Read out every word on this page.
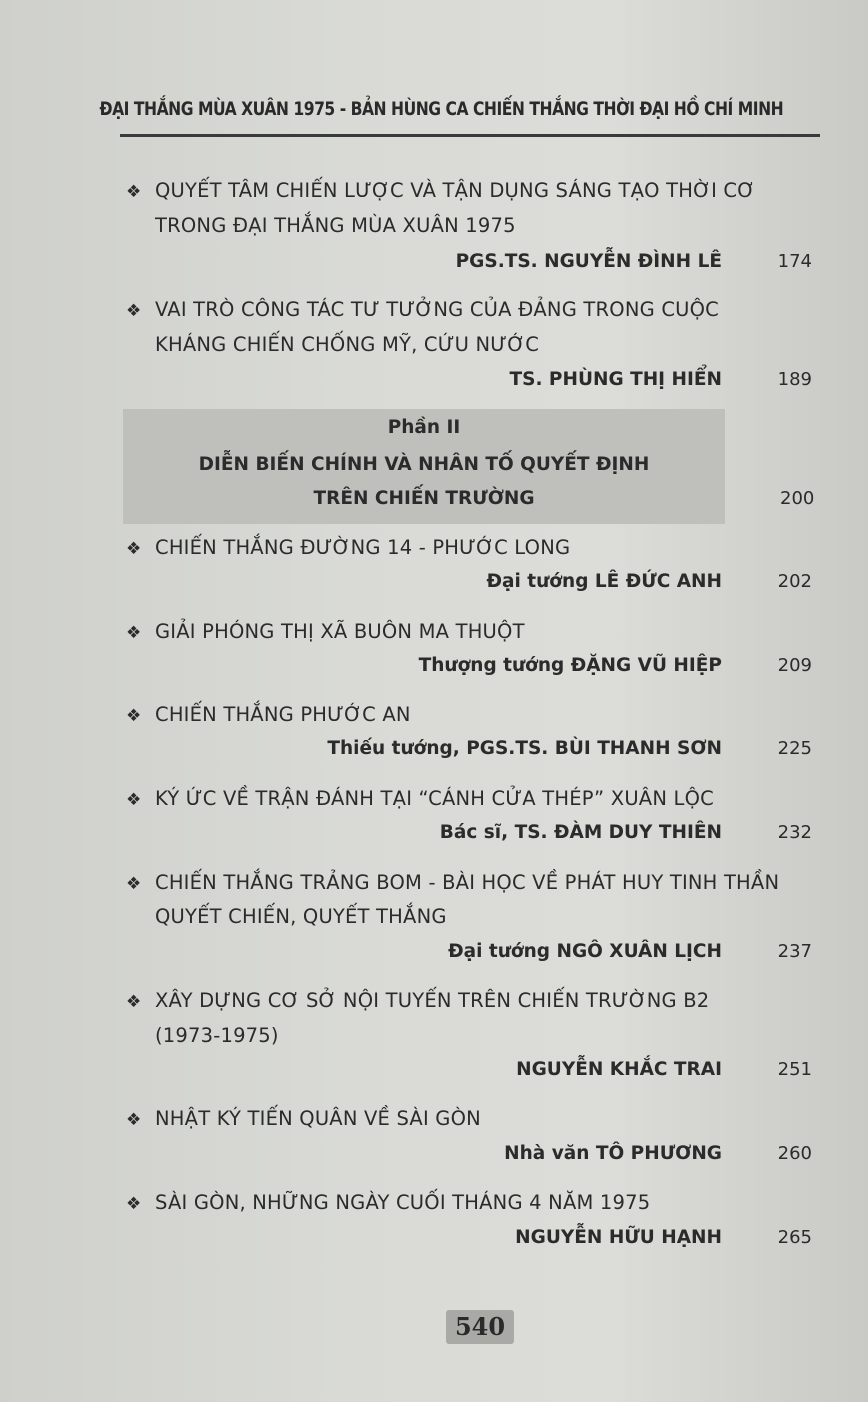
ĐẠI THẮNG MÙA XUÂN 1975 - BẢN HÙNG CA CHIẾN THẮNG THỜI ĐẠI HỒ CHÍ MINH
❖ QUYẾT TÂM CHIẾN LƯỢC VÀ TẬN DỤNG SÁNG TẠO THỜI CƠ
TRONG ĐẠI THẮNG MÙA XUÂN 1975
PGS.TS. NGUYỄN ĐÌNH LÊ	174
❖ VAI TRÒ CÔNG TÁC TƯ TƯỞNG CỦA ĐẢNG TRONG CUỘC
KHÁNG CHIẾN CHỐNG MỸ, CỨU NƯỚC
TS. PHÙNG THỊ HIỂN	189
Phần II
DIỄN BIẾN CHÍNH VÀ NHÂN TỐ QUYẾT ĐỊNH
TRÊN CHIẾN TRƯỜNG	200
❖ CHIẾN THẮNG ĐƯỜNG 14 - PHƯỚC LONG
Đại tướng LÊ ĐỨC ANH	202
❖ GIẢI PHÓNG THỊ XÃ BUÔN MA THUỘT
Thượng tướng ĐẶNG VŨ HIỆP	209
❖ CHIẾN THẮNG PHƯỚC AN
Thiếu tướng, PGS.TS. BÙI THANH SƠN	225
❖ KÝ ỨC VỀ TRẬN ĐÁNH TẠI “CÁNH CỬA THÉP” XUÂN LỘC
Bác sĩ, TS. ĐÀM DUY THIÊN	232
❖ CHIẾN THẮNG TRẢNG BOM - BÀI HỌC VỀ PHÁT HUY TINH THẦN
QUYẾT CHIẾN, QUYẾT THẮNG
Đại tướng NGÔ XUÂN LỊCH	237
❖ XÂY DỰNG CƠ SỞ NỘI TUYẾN TRÊN CHIẾN TRƯỜNG B2
(1973-1975)
NGUYỄN KHẮC TRAI	251
❖ NHẬT KÝ TIẾN QUÂN VỀ SÀI GÒN
Nhà văn TÔ PHƯƠNG	260
❖ SÀI GÒN, NHỮNG NGÀY CUỐI THÁNG 4 NĂM 1975
NGUYỄN HỮU HẠNH	265
540
